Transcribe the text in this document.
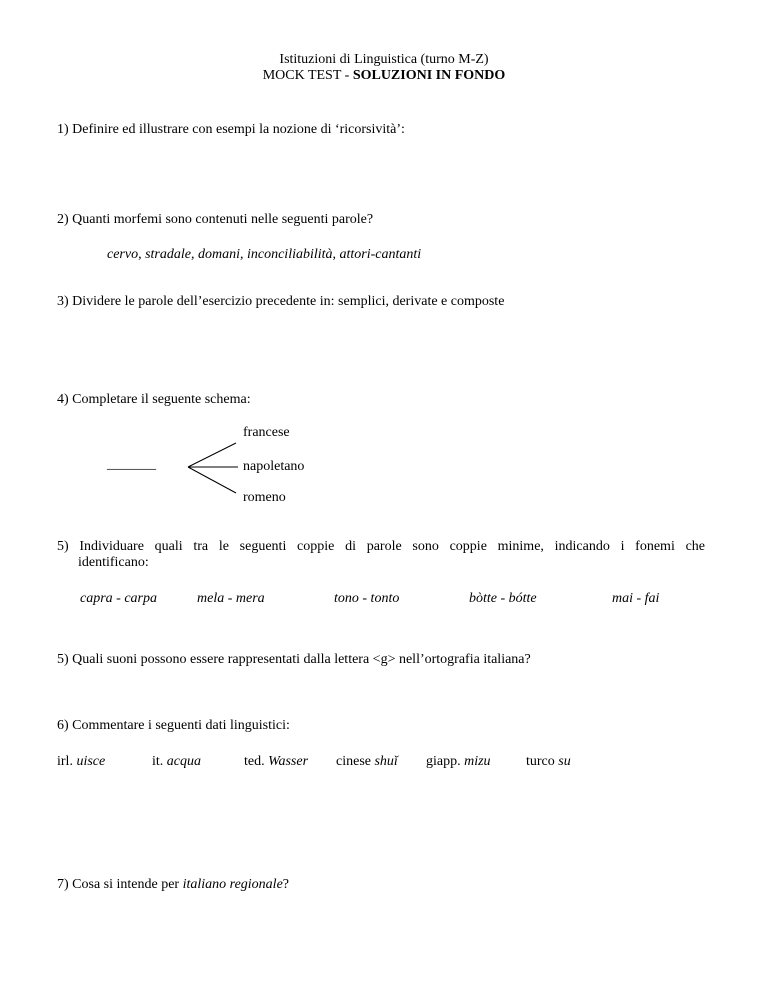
Istituzioni di Linguistica (turno M-Z)
MOCK TEST - SOLUZIONI IN FONDO
1) Definire ed illustrare con esempi la nozione di ‘ricorsività’:
2) Quanti morfemi sono contenuti nelle seguenti parole?
cervo, stradale, domani, inconciliabilità, attori-cantanti
3) Dividere le parole dell’esercizio precedente in: semplici, derivate e composte
4) Completare il seguente schema:
_______
francese
napoletano
romeno
5) Individuare quali tra le seguenti coppie di parole sono coppie minime, indicando i fonemi che
identificano:
capra - carpa	mela - mera	tono - tonto	bòtte - bótte	mai - fai
5) Quali suoni possono essere rappresentati dalla lettera <g> nell’ortografia italiana?
6) Commentare i seguenti dati linguistici:
irl. uisce	it. acqua	ted. Wasser cinese shuĭ giapp. mizu	turco su
7) Cosa si intende per italiano regionale?
